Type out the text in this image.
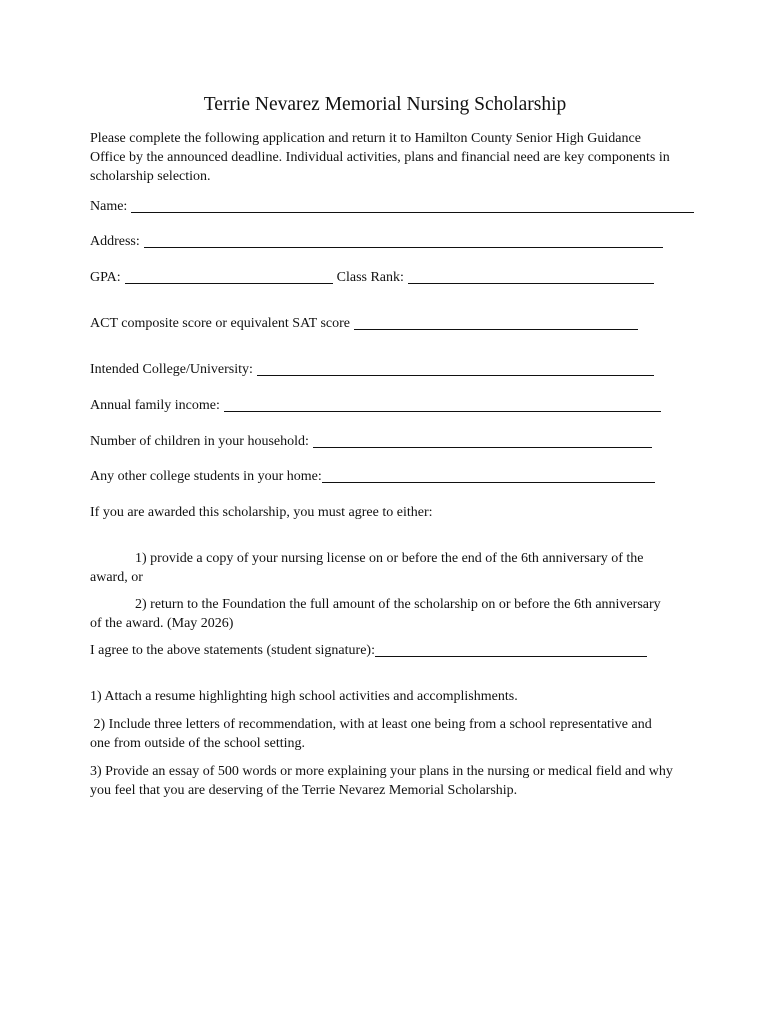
Terrie Nevarez Memorial Nursing Scholarship

Please complete the following application and return it to Hamilton County Senior High Guidance Office by the announced deadline. Individual activities, plans and financial need are key components in scholarship selection.

Name:
Address:
GPA:	Class Rank:
ACT composite score or equivalent SAT score
Intended College/University:
Annual family income:
Number of children in your household:
Any other college students in your home:

If you are awarded this scholarship, you must agree to either:

1) provide a copy of your nursing license on or before the end of the 6th anniversary of the award, or

2) return to the Foundation the full amount of the scholarship on or before the 6th anniversary of the award. (May 2026)

I agree to the above statements (student signature):

1) Attach a resume highlighting high school activities and accomplishments.

2) Include three letters of recommendation, with at least one being from a school representative and one from outside of the school setting.

3) Provide an essay of 500 words or more explaining your plans in the nursing or medical field and why you feel that you are deserving of the Terrie Nevarez Memorial Scholarship.
